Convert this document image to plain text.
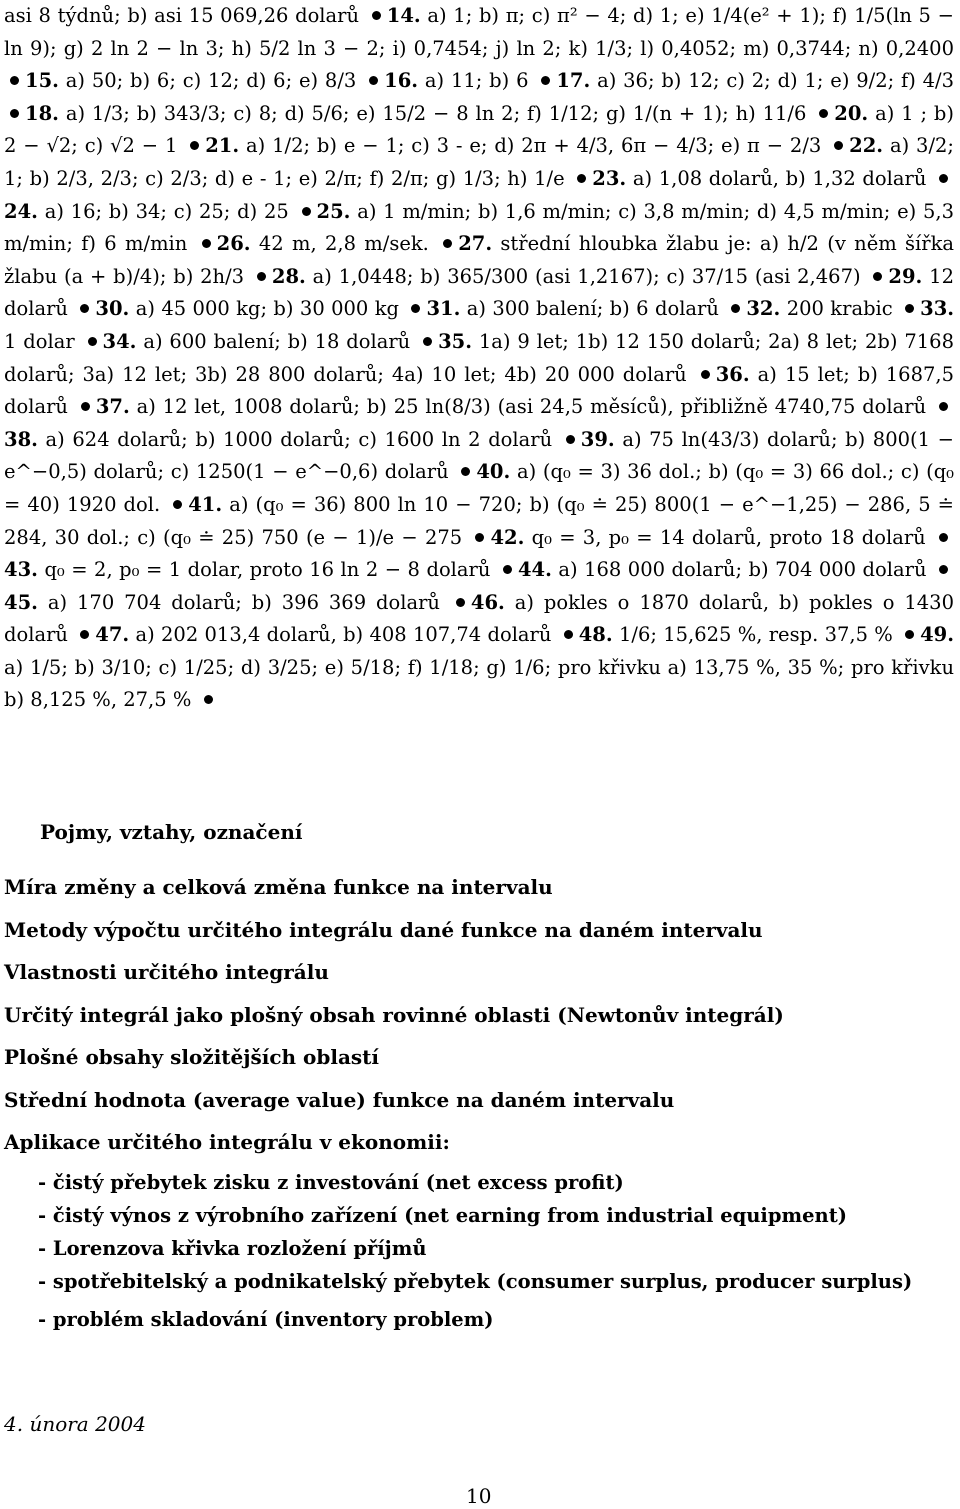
asi 8 týdnů; b) asi 15 069,26 dolarů 14. a) 1; b) π; c) π² − 4; d) 1; e) 1/4(e² + 1); f) 1/5(ln 5 − ln 9); g) 2 ln 2 − ln 3; h) 5/2 ln 3 − 2; i) 0,7454; j) ln 2; k) 1/3; l) 0,4052; m) 0,3744; n) 0,2400 15. a) 50; b) 6; c) 12; d) 6; e) 8/3 16. a) 11; b) 6 17. a) 36; b) 12; c) 2; d) 1; e) 9/2; f) 4/3 18. a) 1/3; b) 343/3; c) 8; d) 5/6; e) 15/2 − 8 ln 2; f) 1/12; g) 1/(n + 1); h) 11/6 20. a) 1 ; b) 2 − √2; c) √2 − 1 21. a) 1/2; b) e − 1; c) 3 - e; d) 2π + 4/3, 6π − 4/3; e) π − 2/3 22. a) 3/2; 1; b) 2/3, 2/3; c) 2/3; d) e - 1; e) 2/π; f) 2/π; g) 1/3; h) 1/e 23. a) 1,08 dolarů, b) 1,32 dolarů 24. a) 16; b) 34; c) 25; d) 25 25. a) 1 m/min; b) 1,6 m/min; c) 3,8 m/min; d) 4,5 m/min; e) 5,3 m/min; f) 6 m/min 26. 42 m, 2,8 m/sek. 27. střední hloubka žlabu je: a) h/2 (v něm šířka žlabu (a + b)/4); b) 2h/3 28. a) 1,0448; b) 365/300 (asi 1,2167); c) 37/15 (asi 2,467) 29. 12 dolarů 30. a) 45 000 kg; b) 30 000 kg 31. a) 300 balení; b) 6 dolarů 32. 200 krabic 33. 1 dolar 34. a) 600 balení; b) 18 dolarů 35. 1a) 9 let; 1b) 12 150 dolarů; 2a) 8 let; 2b) 7168 dolarů; 3a) 12 let; 3b) 28 800 dolarů; 4a) 10 let; 4b) 20 000 dolarů 36. a) 15 let; b) 1687,5 dolarů 37. a) 12 let, 1008 dolarů; b) 25 ln(8/3) (asi 24,5 měsíců), přibližně 4740,75 dolarů 38. a) 624 dolarů; b) 1000 dolarů; c) 1600 ln 2 dolarů 39. a) 75 ln(43/3) dolarů; b) 800(1 − e^−0,5) dolarů; c) 1250(1 − e^−0,6) dolarů 40. a) (q₀ = 3) 36 dol.; b) (q₀ = 3) 66 dol.; c) (q₀ = 40) 1920 dol. 41. a) (q₀ = 36) 800 ln 10 − 720; b) (q₀ ≐ 25) 800(1 − e^−1,25) − 286, 5 ≐ 284, 30 dol.; c) (q₀ ≐ 25) 750 (e − 1)/e − 275 42. q₀ = 3, p₀ = 14 dolarů, proto 18 dolarů 43. q₀ = 2, p₀ = 1 dolar, proto 16 ln 2 − 8 dolarů 44. a) 168 000 dolarů; b) 704 000 dolarů 45. a) 170 704 dolarů; b) 396 369 dolarů 46. a) pokles o 1870 dolarů, b) pokles o 1430 dolarů 47. a) 202 013,4 dolarů, b) 408 107,74 dolarů 48. 1/6; 15,625 %, resp. 37,5 % 49. a) 1/5; b) 3/10; c) 1/25; d) 3/25; e) 5/18; f) 1/18; g) 1/6; pro křivku a) 13,75 %, 35 %; pro křivku b) 8,125 %, 27,5 %
Pojmy, vztahy, označení
Míra změny a celková změna funkce na intervalu
Metody výpočtu určitého integrálu dané funkce na daném intervalu
Vlastnosti určitého integrálu
Určitý integrál jako plošný obsah rovinné oblasti (Newtonův integrál)
Plošné obsahy složitějších oblastí
Střední hodnota (average value) funkce na daném intervalu
Aplikace určitého integrálu v ekonomii:
- čistý přebytek zisku z investování (net excess profit)
- čistý výnos z výrobního zařízení (net earning from industrial equipment)
- Lorenzova křivka rozložení příjmů
- spotřebitelský a podnikatelský přebytek (consumer surplus, producer surplus)
- problém skladování (inventory problem)
4. února 2004
10
